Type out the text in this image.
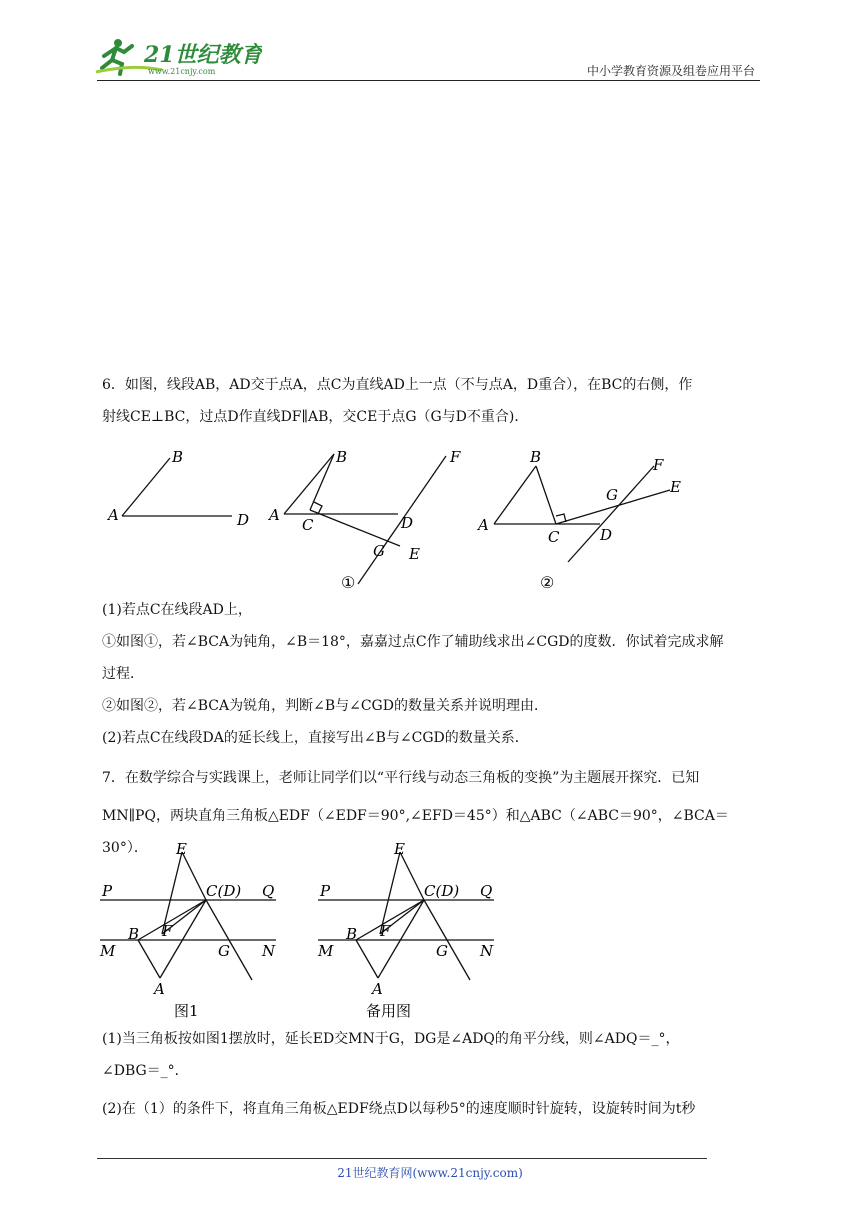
21世纪教育
www.21cnjy.com	中小学教育资源及组卷应用平台

6．如图，线段AB，AD交于点A，点C为直线AD上一点（不与点A，D重合），在BC的右侧，作

射线CE⊥BC，过点D作直线DF∥AB，交CE于点G（G与D不重合)．

A
B
D A
B
C	D
E
F
G
①
A
B
C	D
E
F
G
②

(1)若点C在线段AD上，

①如图①，若∠BCA为钝角，∠B＝18°，嘉嘉过点C作了辅助线求出∠CGD的度数．你试着完成求解

过程．

②如图②，若∠BCA为锐角，判断∠B与∠CGD的数量关系并说明理由．

(2)若点C在线段DA的延长线上，直接写出∠B与∠CGD的数量关系．

7．在数学综合与实践课上，老师让同学们以“平行线与动态三角板的变换”为主题展开探究．已知

MN∥PQ，两块直角三角板△EDF（∠EDF＝90°,∠EFD＝45°）和△ABC（∠ABC＝90°，∠BCA＝30°）．	E
P	C(D) Q
B F
M	G N
A
图1
E
P	C(D) Q
B F
M	G N
A
备用图

(1)当三角板按如图1摆放时，延长ED交MN于G，DG是∠ADQ的角平分线，则∠ADQ＝_°，

∠DBG＝_°．

(2)在（1）的条件下，将直角三角板△EDF绕点D以每秒5°的速度顺时针旋转，设旋转时间为t秒

21世纪教育网(www.21cnjy.com)
